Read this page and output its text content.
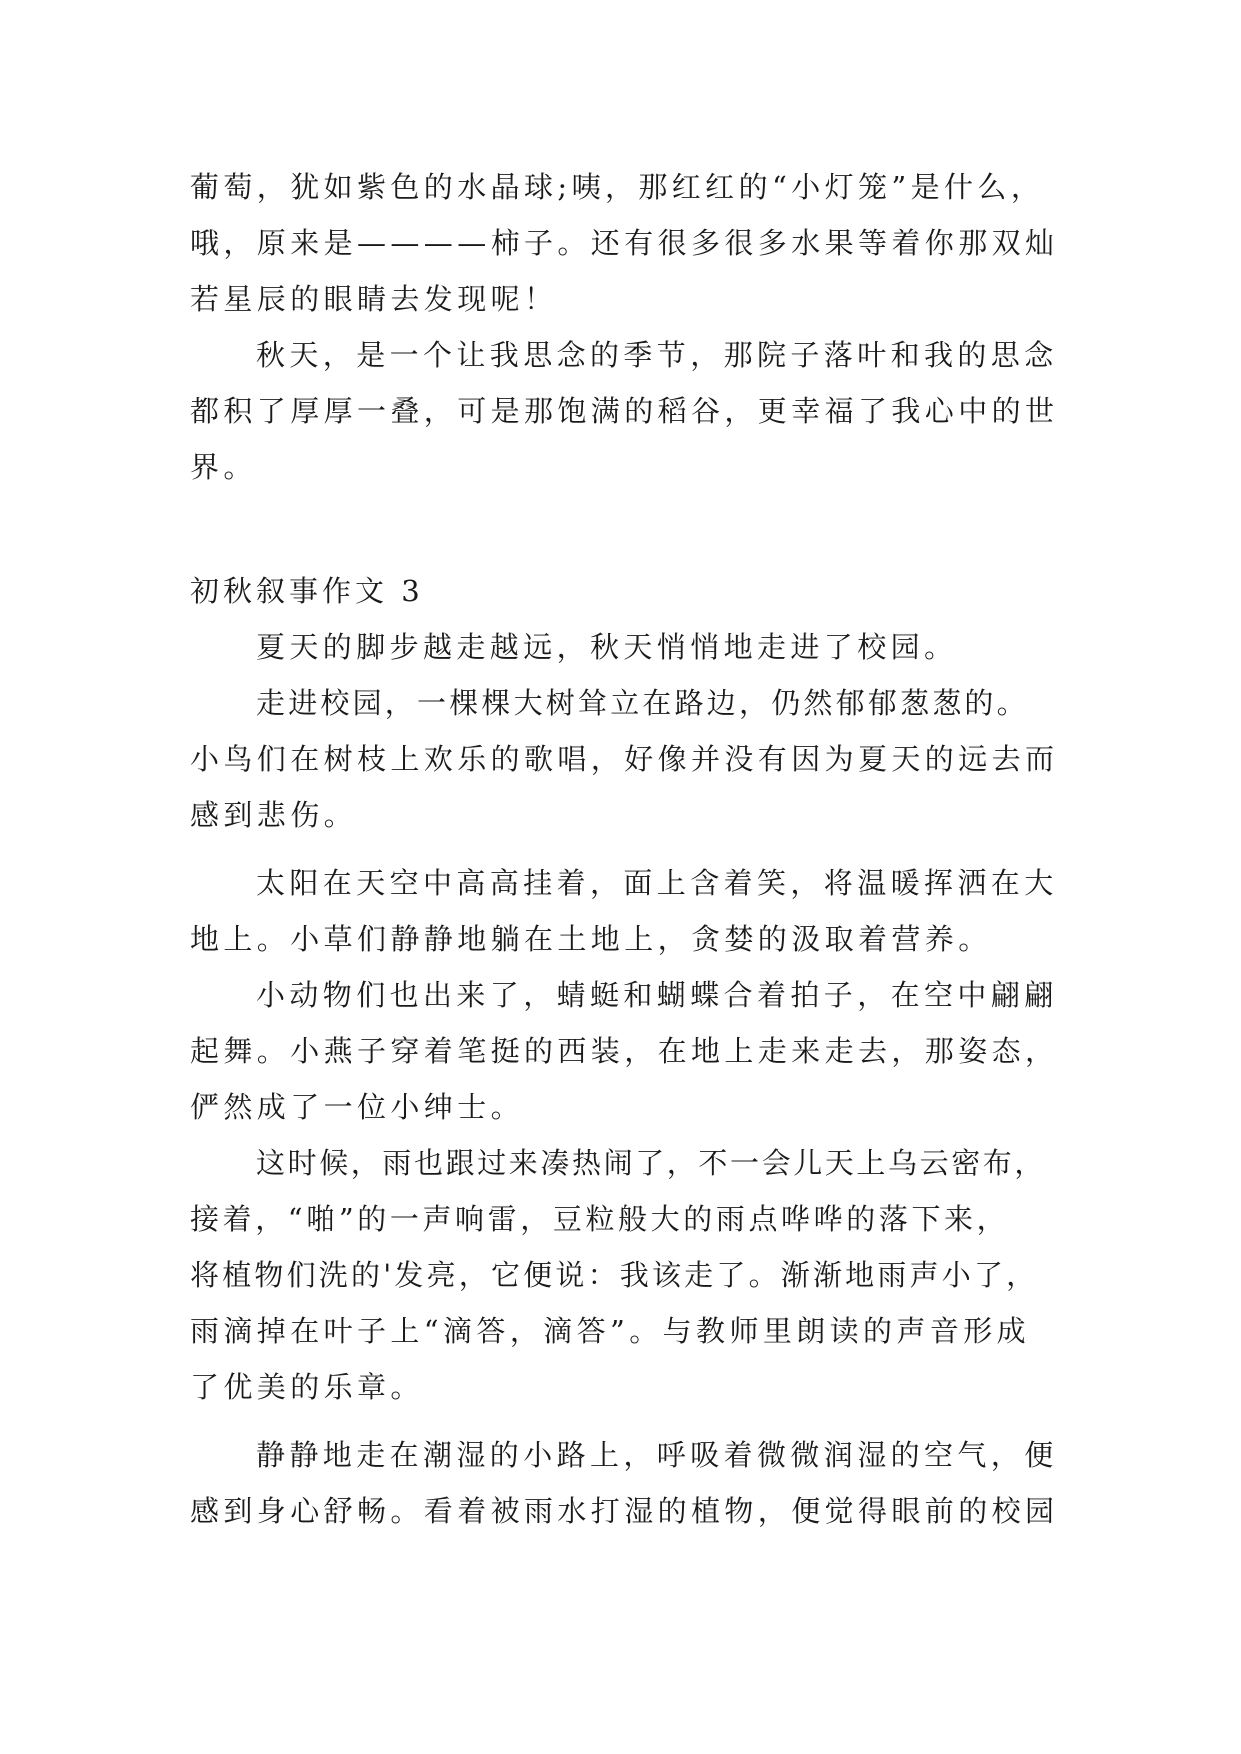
葡萄，犹如紫色的水晶球;咦，那红红的“小灯笼”是什么，
哦，原来是————柿子。还有很多很多水果等着你那双灿
若星辰的眼睛去发现呢！
秋天，是一个让我思念的季节，那院子落叶和我的思念
都积了厚厚一叠，可是那饱满的稻谷，更幸福了我心中的世
界。
初秋叙事作文 3
夏天的脚步越走越远，秋天悄悄地走进了校园。
走进校园，一棵棵大树耸立在路边，仍然郁郁葱葱的。
小鸟们在树枝上欢乐的歌唱，好像并没有因为夏天的远去而
感到悲伤。
太阳在天空中高高挂着，面上含着笑，将温暖挥洒在大
地上。小草们静静地躺在土地上，贪婪的汲取着营养。
小动物们也出来了，蜻蜓和蝴蝶合着拍子，在空中翩翩
起舞。小燕子穿着笔挺的西装，在地上走来走去，那姿态，
俨然成了一位小绅士。
这时候，雨也跟过来凑热闹了，不一会儿天上乌云密布，
接着，“啪”的一声响雷，豆粒般大的雨点哗哗的落下来，
将植物们洗的'发亮，它便说：我该走了。渐渐地雨声小了，
雨滴掉在叶子上“滴答，滴答”。与教师里朗读的声音形成
了优美的乐章。
静静地走在潮湿的小路上，呼吸着微微润湿的空气，便
感到身心舒畅。看着被雨水打湿的植物，便觉得眼前的校园
